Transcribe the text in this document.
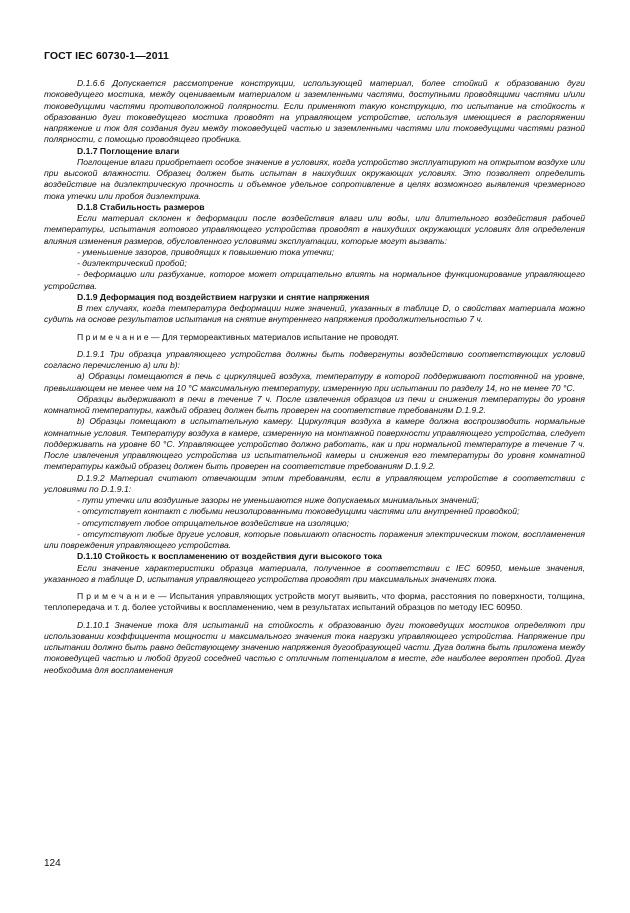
ГОСТ IEC 60730-1—2011

D.1.6.6 Допускается рассмотрение конструкции, использующей материал, более стойкий к образованию дуги токоведущего мостика, между оцениваемым материалом и заземленными частями, доступными проводящими частями и/или токоведущими частями противоположной полярности. Если применяют такую конструкцию, то испытание на стойкость к образованию дуги токоведущего мостика проводят на управляющем устройстве, используя имеющиеся в распоряжении напряжение и ток для создания дуги между токоведущей частью и заземленными частями или токоведущими частями разной полярности, с помощью проводящего пробника.

D.1.7 Поглощение влаги

Поглощение влаги приобретает особое значение в условиях, когда устройство эксплуатируют на открытом воздухе или при высокой влажности. Образец должен быть испытан в наихудших окружающих условиях. Это позволяет определить воздействие на диэлектрическую прочность и объемное удельное сопротивление в целях возможного выявления чрезмерного тока утечки или пробоя диэлектрика.

D.1.8 Стабильность размеров

Если материал склонен к деформации после воздействия влаги или воды, или длительного воздействия рабочей температуры, испытания готового управляющего устройства проводят в наихудших окружающих условиях для определения влияния изменения размеров, обусловленного условиями эксплуатации, которые могут вызвать:

- уменьшение зазоров, приводящих к повышению тока утечки;

- диэлектрический пробой;

- деформацию или разбухание, которое может отрицательно влиять на нормальное функционирование управляющего устройства.

D.1.9 Деформация под воздействием нагрузки и снятие напряжения

В тех случаях, когда температура деформации ниже значений, указанных в таблице D, о свойствах материала можно судить на основе результатов испытания на снятие внутреннего напряжения продолжительностью 7 ч.

П р и м е ч а н и е — Для термореактивных материалов испытание не проводят.

D.1.9.1 Три образца управляющего устройства должны быть подвергнуты воздействию соответствующих условий согласно перечислению а) или b):

а) Образцы помещаются в печь с циркуляцией воздуха, температуру в которой поддерживают постоянной на уровне, превышающем не менее чем на 10 °С максимальную температуру, измеренную при испытании по разделу 14, но не менее 70 °С.

Образцы выдерживают в печи в течение 7 ч. После извлечения образцов из печи и снижения температуры до уровня комнатной температуры, каждый образец должен быть проверен на соответствие требованиям D.1.9.2.

b) Образцы помещают в испытательную камеру. Циркуляция воздуха в камере должна воспроизводить нормальные комнатные условия. Температуру воздуха в камере, измеренную на монтажной поверхности управляющего устройства, следует поддерживать на уровне 60 °С. Управляющее устройство должно работать, как и при нормальной температуре в течение 7 ч. После извлечения управляющего устройства из испытательной камеры и снижения его температуры до уровня комнатной температуры каждый образец должен быть проверен на соответствие требованиям D.1.9.2.

D.1.9.2 Материал считают отвечающим этим требованиям, если в управляющем устройстве в соответствии с условиями по D.1.9.1:

- пути утечки или воздушные зазоры не уменьшаются ниже допускаемых минимальных значений;

- отсутствует контакт с любыми неизолированными токоведущими частями или внутренней проводкой;

- отсутствует любое отрицательное воздействие на изоляцию;

- отсутствуют любые другие условия, которые повышают опасность поражения электрическим током, воспламенения или повреждения управляющего устройства.

D.1.10 Стойкость к воспламенению от воздействия дуги высокого тока

Если значение характеристики образца материала, полученное в соответствии с IEC 60950, меньше значения, указанного в таблице D, испытания управляющего устройства проводят при максимальных значениях тока.

П р и м е ч а н и е — Испытания управляющих устройств могут выявить, что форма, расстояния по поверхности, толщина, теплопередача и т. д. более устойчивы к воспламенению, чем в результатах испытаний образцов по методу IEC 60950.

D.1.10.1 Значение тока для испытаний на стойкость к образованию дуги токоведущих мостиков определяют при использовании коэффициента мощности и максимального значения тока нагрузки управляющего устройства. Напряжение при испытании должно быть равно действующему значению напряжения дугообразующей части. Дуга должна быть приложена между токоведущей частью и любой другой соседней частью с отличным потенциалом в месте, где наиболее вероятен пробой. Дуга необходима для воспламенения

124
